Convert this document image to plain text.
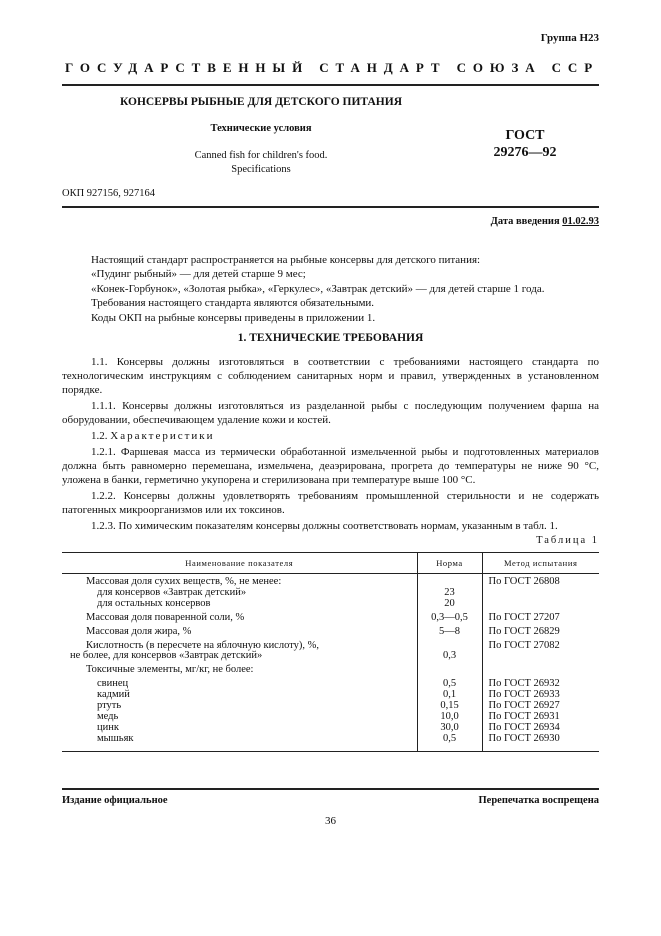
Группа Н23
ГОСУДАРСТВЕННЫЙ СТАНДАРТ СОЮЗА ССР
КОНСЕРВЫ РЫБНЫЕ ДЛЯ ДЕТСКОГО ПИТАНИЯ
Технические условия
Canned fish for children's food.
Specifications
ГОСТ
29276—92
ОКП 927156, 927164
Дата введения 01.02.93
Настоящий стандарт распространяется на рыбные консервы для детского питания:
«Пудинг рыбный» — для детей старше 9 мес;
«Конек-Горбунок», «Золотая рыбка», «Геркулес», «Завтрак детский» — для детей старше 1 года.
Требования настоящего стандарта являются обязательными.
Коды ОКП на рыбные консервы приведены в приложении 1.
1. ТЕХНИЧЕСКИЕ ТРЕБОВАНИЯ

1.1. Консервы должны изготовляться в соответствии с требованиями настоящего стандарта по технологическим инструкциям с соблюдением санитарных норм и правил, утвержденных в установленном порядке.

1.1.1. Консервы должны изготовляться из разделанной рыбы с последующим получением фарша на оборудовании, обеспечивающем удаление кожи и костей.

1.2. Характеристики

1.2.1. Фаршевая масса из термически обработанной измельченной рыбы и подготовленных материалов должна быть равномерно перемешана, измельчена, деаэрирована, прогрета до температуры не ниже 90 °С, уложена в банки, герметично укупорена и стерилизована при температуре выше 100 °С.

1.2.2. Консервы должны удовлетворять требованиям промышленной стерильности и не содержать патогенных микроорганизмов или их токсинов.

1.2.3. По химическим показателям консервы должны соответствовать нормам, указанным в табл. 1.

Таблица 1
Наименование показателя	Норма	Метод испытания
Массовая доля сухих веществ, %, не менее:		По ГОСТ 26808
для консервов «Завтрак детский»	23	
для остальных консервов	20	
Массовая доля поваренной соли, %	0,3—0,5	По ГОСТ 27207
Массовая доля жира, %	5—8	По ГОСТ 26829
Кислотность (в пересчете на яблочную кислоту), %,		По ГОСТ 27082
не более, для консервов «Завтрак детский»	0,3	
Токсичные элементы, мг/кг, не более:		
свинец	0,5	По ГОСТ 26932
кадмий	0,1	По ГОСТ 26933
ртуть	0,15	По ГОСТ 26927
медь	10,0	По ГОСТ 26931
цинк	30,0	По ГОСТ 26934
мышьяк	0,5	По ГОСТ 26930
Издание официальное	Перепечатка воспрещена
36
